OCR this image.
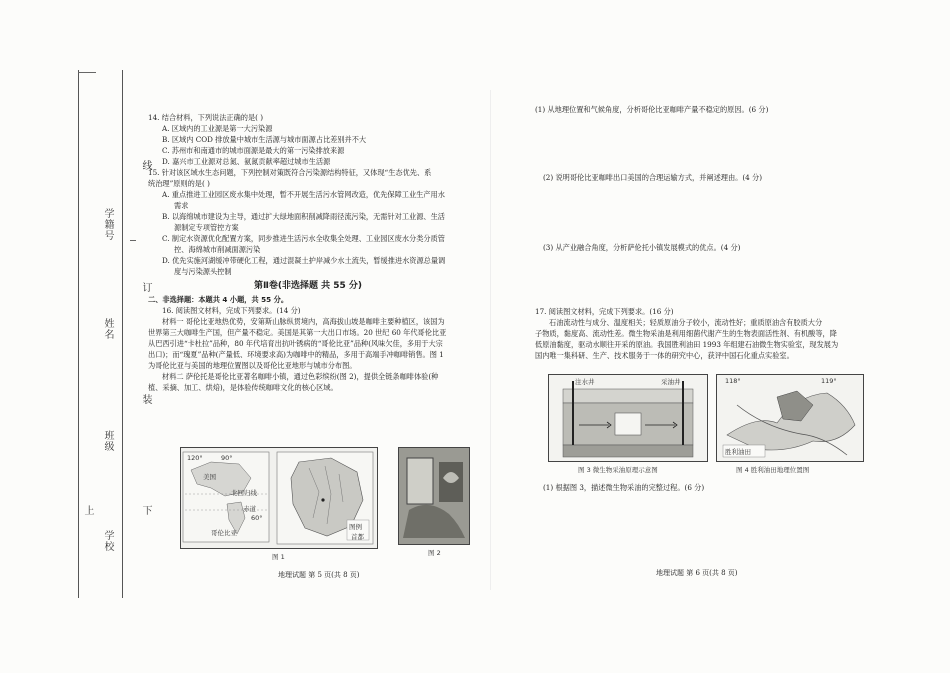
线
学籍号
订
姓名
装
班级
上	下
学校

14. 结合材料，下列说法正确的是( )

A. 区域内的工业源是第一大污染源

B. 区域内 COD 排放量中城市生活源与城市面源占比差别并不大

C. 苏州市和南通市的城市面源是最大的第一污染排放来源

D. 嘉兴市工业源对总氮、氨氮贡献率超过城市生活源

15. 针对该区域水生态问题，下列控制对策既符合污染源结构特征，又体现“生态优先、系

统治理”原则的是( )

A. 重点推进工业园区废水集中处理，暂不开展生活污水管网改造，优先保障工业生产用水

需求

B. 以海绵城市建设为主导，通过扩大绿地面积削减降雨径流污染，无需针对工业源、生活

源制定专项管控方案

C. 制定水资源优化配置方案，同步推进生活污水全收集全处理、工业园区废水分类分质管

控、海绵城市削减面源污染

D. 优先实施河湖缓冲带硬化工程，通过混凝土护岸减少水土流失，暂缓推进水资源总量调

度与污染源头控制

第Ⅱ卷(非选择题 共 55 分)

二、非选择题：本题共 4 小题，共 55 分。

16. 阅读图文材料，完成下列要求。(14 分)

材料一 哥伦比亚地热优势，安第斯山脉纵贯境内，高海拔山坡是咖啡主要种植区，该国为

世界第三大咖啡生产国，但产量不稳定。美国是其第一大出口市场。20 世纪 60 年代哥伦比亚

从巴西引进“卡杜拉”品种，80 年代培育出抗叶锈病的“哥伦比亚”品种(风味欠佳，多用于大宗

出口)；而“瑰夏”品种(产量低、环境要求高)为咖啡中的精品，多用于高端手冲咖啡销售。图 1

为哥伦比亚与美国的地理位置图以及哥伦比亚地形与城市分布图。

材料二 萨伦托是哥伦比亚著名咖啡小镇，通过色彩缤纷(图 2)，提供全链条咖啡体验(种

植、采摘、加工、烘焙)，是体验传统咖啡文化的核心区域。

120°	90°
美国
北回归线
赤道
60°
哥伦比亚
图例
首都
图 1	图 2
地理试题 第 5 页(共 8 页)

(1) 从地理位置和气候角度，分析哥伦比亚咖啡产量不稳定的原因。(6 分)

(2) 说明哥伦比亚咖啡出口美国的合理运输方式，并阐述理由。(4 分)

(3) 从产业融合角度，分析萨伦托小镇发展模式的优点。(4 分)

17. 阅读图文材料，完成下列要求。(16 分)

石油流动性与成分、温度相关；轻质原油分子较小，流动性好；重质原油含有胶质大分

子物质，黏度高、流动性差。微生物采油是利用细菌代谢产生的生物表面活性剂、有机酸等，降

低原油黏度，驱动水顺往开采的原油。我国胜利油田 1993 年组建石油微生物实验室，现发展为

国内唯一集科研、生产、技术服务于一体的研究中心，获评中国石化重点实验室。

注水井	采油井
图 3 微生物采油原理示意图
118°	119°
胜利油田
图 4 胜利油田地理位置图

(1) 根据图 3，描述微生物采油的完整过程。(6 分)

地理试题 第 6 页(共 8 页)
